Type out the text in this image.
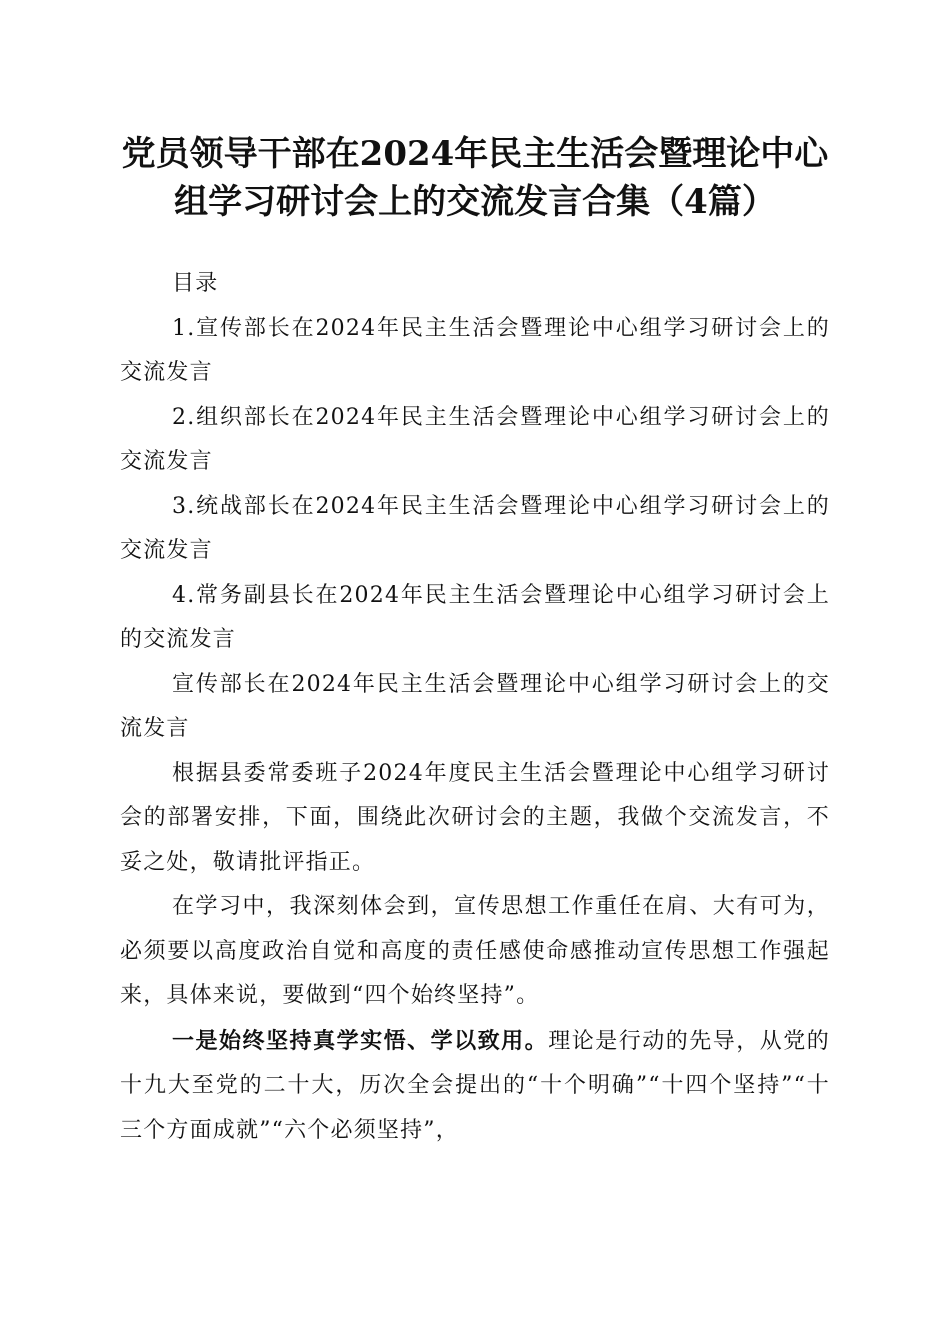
党员领导干部在2024年民主生活会暨理论中心组学习研讨会上的交流发言合集（4篇）

目录

1.宣传部长在2024年民主生活会暨理论中心组学习研讨会上的交流发言

2.组织部长在2024年民主生活会暨理论中心组学习研讨会上的交流发言

3.统战部长在2024年民主生活会暨理论中心组学习研讨会上的交流发言

4.常务副县长在2024年民主生活会暨理论中心组学习研讨会上的交流发言

宣传部长在2024年民主生活会暨理论中心组学习研讨会上的交流发言

根据县委常委班子2024年度民主生活会暨理论中心组学习研讨会的部署安排，下面，围绕此次研讨会的主题，我做个交流发言，不妥之处，敬请批评指正。

在学习中，我深刻体会到，宣传思想工作重任在肩、大有可为，必须要以高度政治自觉和高度的责任感使命感推动宣传思想工作强起来，具体来说，要做到“四个始终坚持”。

一是始终坚持真学实悟、学以致用。理论是行动的先导，从党的十九大至党的二十大，历次全会提出的“十个明确”“十四个坚持”“十三个方面成就”“六个必须坚持”，
